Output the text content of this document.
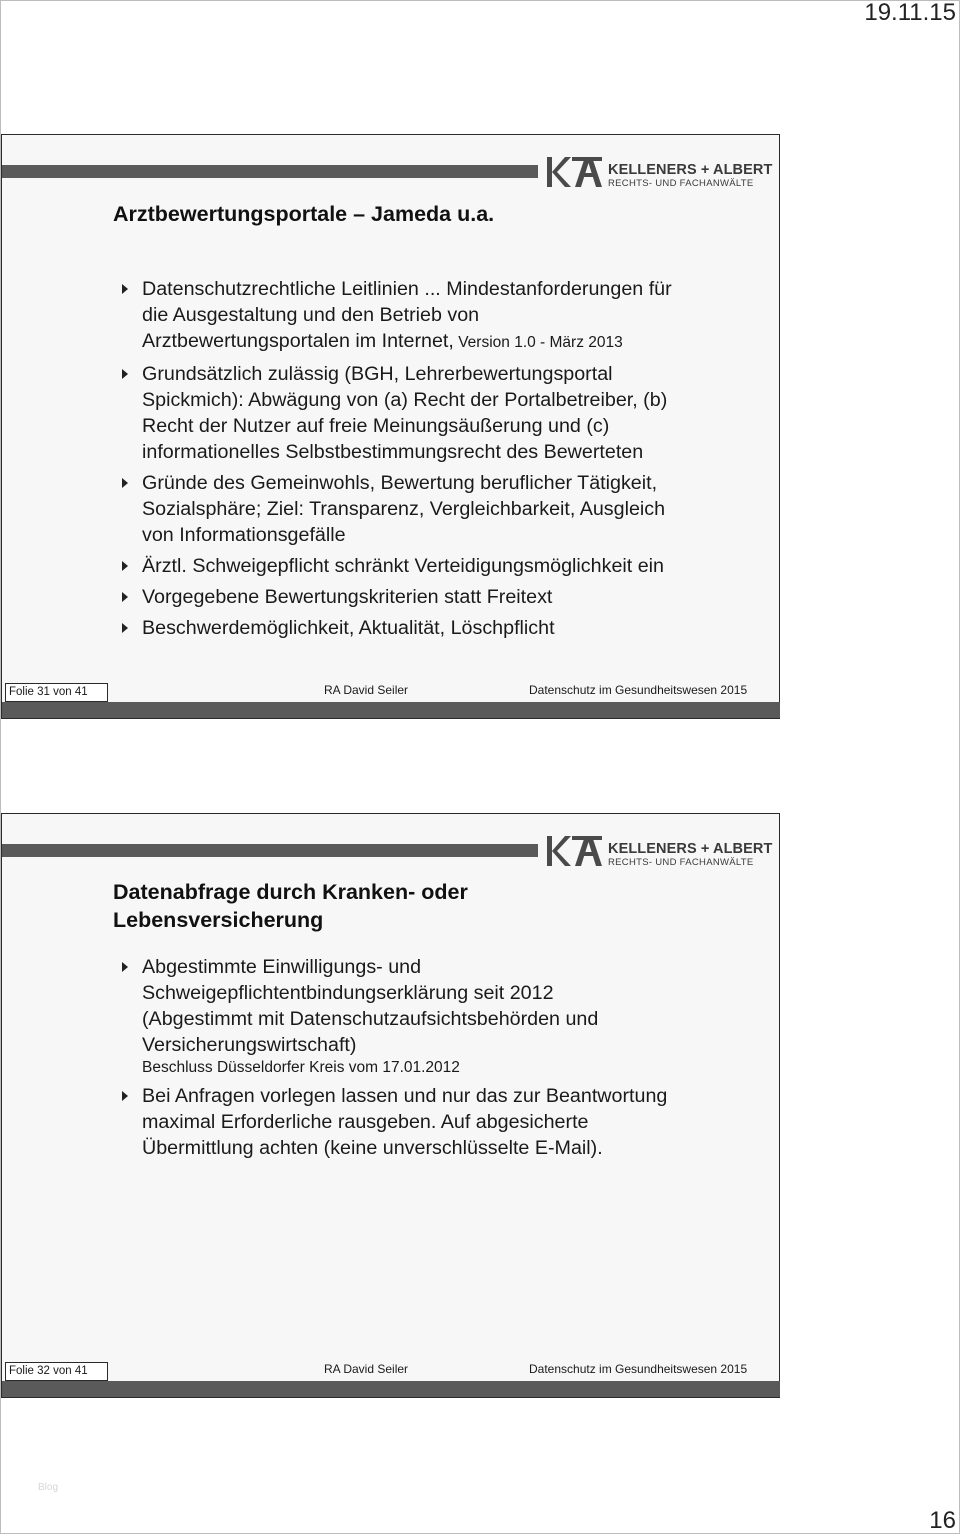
19.11.15
KELLENERS + ALBERT
RECHTS- UND FACHANWÄLTE
Arztbewertungsportale – Jameda u.a.
Datenschutzrechtliche Leitlinien ... Mindestanforderungen für
die Ausgestaltung und den Betrieb von
Arztbewertungsportalen im Internet, Version 1.0 - März 2013
Grundsätzlich zulässig (BGH, Lehrerbewertungsportal
Spickmich): Abwägung von (a) Recht der Portalbetreiber, (b)
Recht der Nutzer auf freie Meinungsäußerung und (c)
informationelles Selbstbestimmungsrecht des Bewerteten
Gründe des Gemeinwohls, Bewertung beruflicher Tätigkeit,
Sozialsphäre; Ziel: Transparenz, Vergleichbarkeit, Ausgleich
von Informationsgefälle
Ärztl. Schweigepflicht schränkt Verteidigungsmöglichkeit ein
Vorgegebene Bewertungskriterien statt Freitext
Beschwerdemöglichkeit, Aktualität, Löschpflicht
Folie 31 von 41	RA David Seiler	Datenschutz im Gesundheitswesen 2015
KELLENERS + ALBERT
RECHTS- UND FACHANWÄLTE
Datenabfrage durch Kranken- oder
Lebensversicherung
Abgestimmte Einwilligungs- und
Schweigepflichtentbindungserklärung seit 2012
(Abgestimmt mit Datenschutzaufsichtsbehörden und
Versicherungswirtschaft)
Beschluss Düsseldorfer Kreis vom 17.01.2012
Bei Anfragen vorlegen lassen und nur das zur Beantwortung
maximal Erforderliche rausgeben. Auf abgesicherte
Übermittlung achten (keine unverschlüsselte E-Mail).
Folie 32 von 41	RA David Seiler	Datenschutz im Gesundheitswesen 2015
Blog
16
